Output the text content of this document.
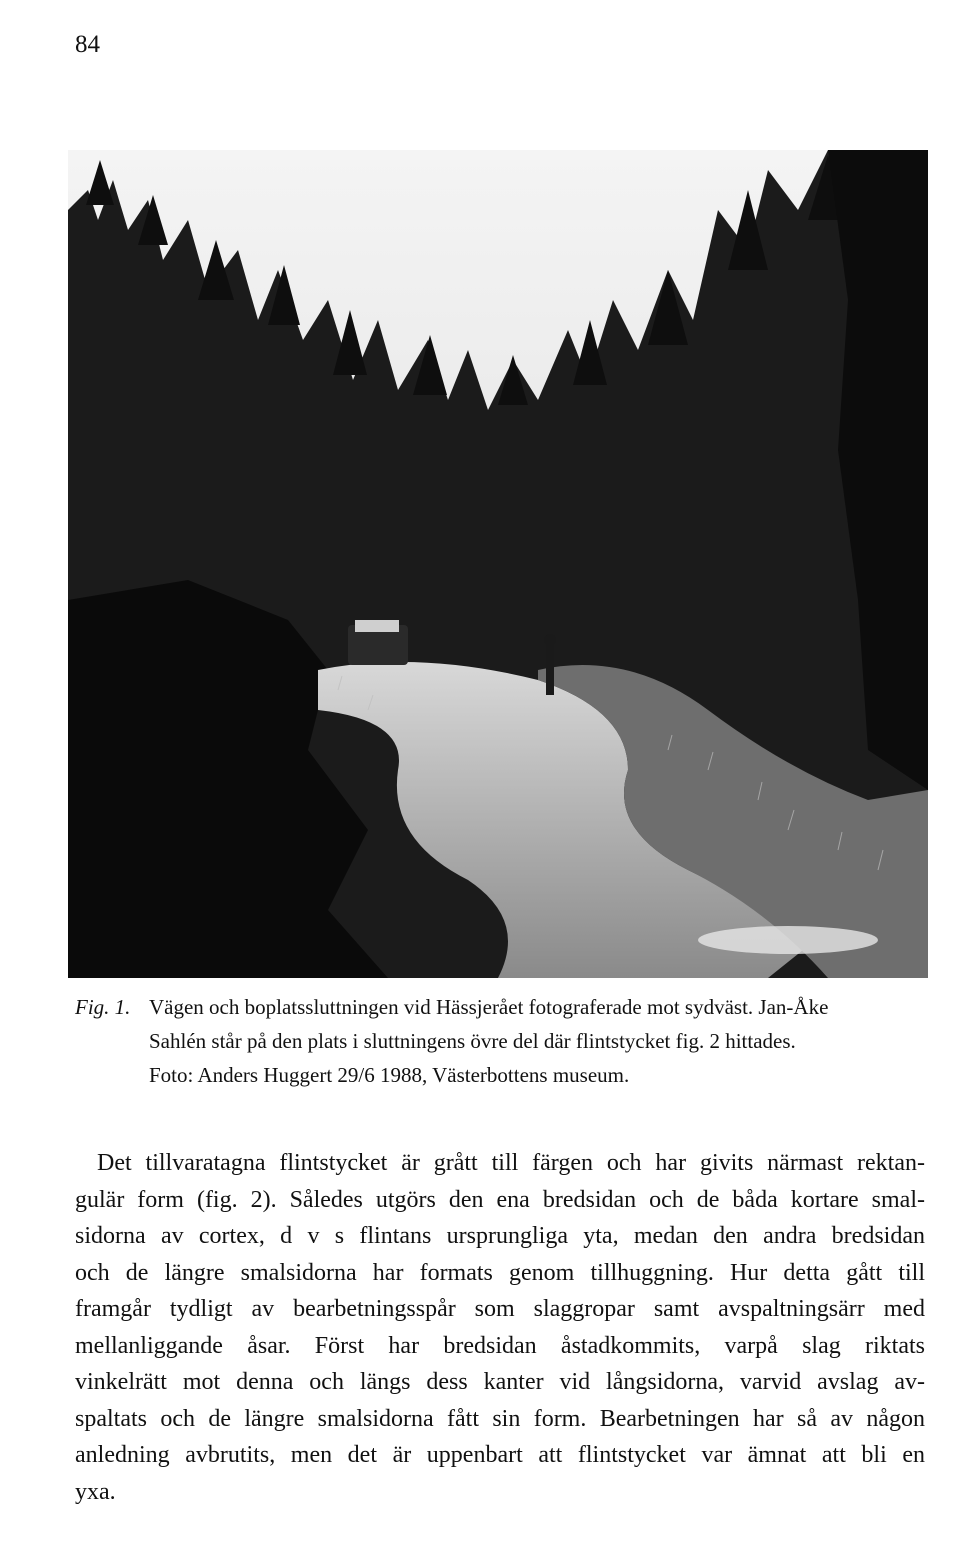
84
Fig. 1. Vägen och boplatssluttningen vid Hässjerået fotograferade mot sydväst. Jan-Åke
Sahlén står på den plats i sluttningens övre del där flintstycket fig. 2 hittades.
Foto: Anders Huggert 29/6 1988, Västerbottens museum.
Det tillvaratagna flintstycket är grått till färgen och har givits närmast rektan-
gulär form (fig. 2). Således utgörs den ena bredsidan och de båda kortare smal-
sidorna av cortex, d v s flintans ursprungliga yta, medan den andra bredsidan
och de längre smalsidorna har formats genom tillhuggning. Hur detta gått till
framgår tydligt av bearbetningsspår som slaggropar samt avspaltningsärr med
mellanliggande åsar. Först har bredsidan åstadkommits, varpå slag riktats
vinkelrätt mot denna och längs dess kanter vid långsidorna, varvid avslag av-
spaltats och de längre smalsidorna fått sin form. Bearbetningen har så av någon
anledning avbrutits, men det är uppenbart att flintstycket var ämnat att bli en
yxa.
